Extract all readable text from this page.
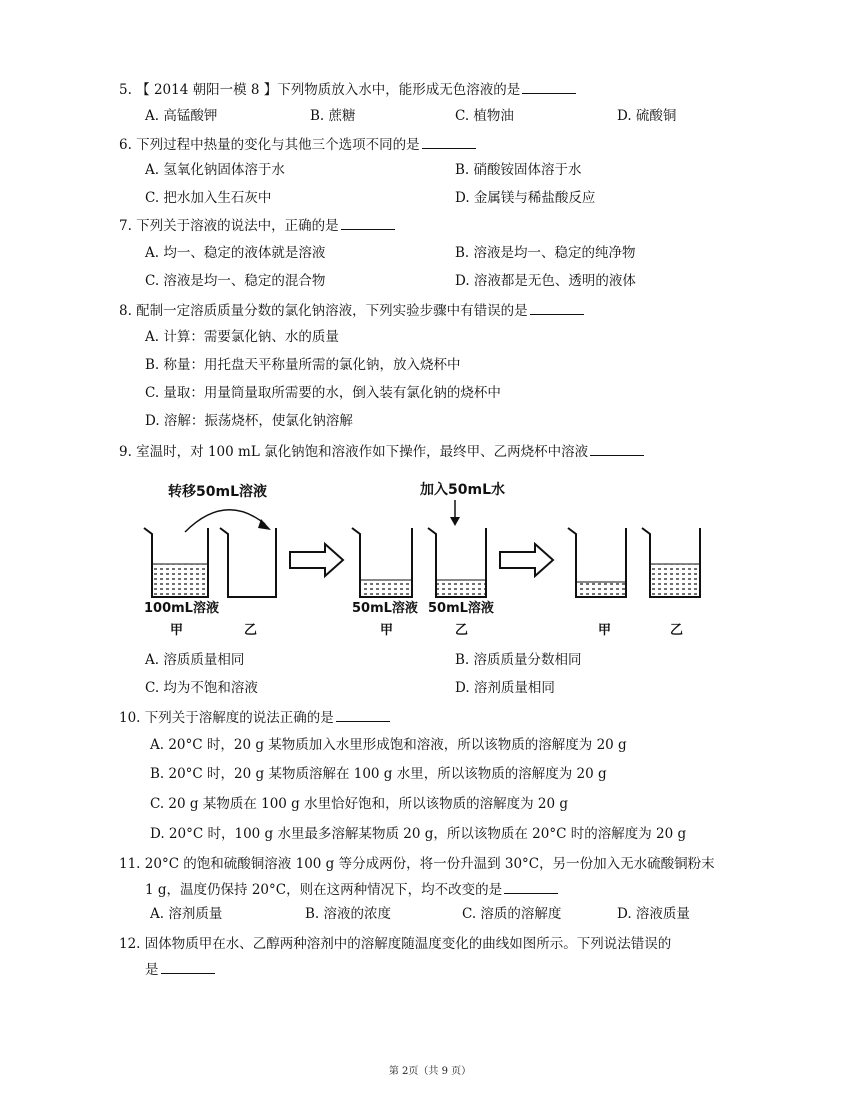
5. 【 2014 朝阳一模 8 】下列物质放入水中，能形成无色溶液的是
A. 高锰酸钾	B. 蔗糖	C. 植物油	D. 硫酸铜
6. 下列过程中热量的变化与其他三个选项不同的是
A. 氢氧化钠固体溶于水	B. 硝酸铵固体溶于水
C. 把水加入生石灰中	D. 金属镁与稀盐酸反应
7. 下列关于溶液的说法中，正确的是
A. 均一、稳定的液体就是溶液	B. 溶液是均一、稳定的纯净物
C. 溶液是均一、稳定的混合物	D. 溶液都是无色、透明的液体
8. 配制一定溶质质量分数的氯化钠溶液，下列实验步骤中有错误的是
A. 计算：需要氯化钠、水的质量
B. 称量：用托盘天平称量所需的氯化钠，放入烧杯中
C. 量取：用量筒量取所需要的水，倒入装有氯化钠的烧杯中
D. 溶解：振荡烧杯，使氯化钠溶解
9. 室温时，对 100 mL 氯化钠饱和溶液作如下操作，最终甲、乙两烧杯中溶液
转移50mL溶液
100mL溶液
甲	乙
加入50mL水
50mL溶液 50mL溶液
甲	乙	甲	乙
A. 溶质质量相同	B. 溶质质量分数相同
C. 均为不饱和溶液	D. 溶剂质量相同
10. 下列关于溶解度的说法正确的是
A. 20°C 时，20 g 某物质加入水里形成饱和溶液，所以该物质的溶解度为 20 g
B. 20°C 时，20 g 某物质溶解在 100 g 水里，所以该物质的溶解度为 20 g
C. 20 g 某物质在 100 g 水里恰好饱和，所以该物质的溶解度为 20 g
D. 20°C 时，100 g 水里最多溶解某物质 20 g，所以该物质在 20°C 时的溶解度为 20 g
11. 20°C 的饱和硫酸铜溶液 100 g 等分成两份，将一份升温到 30°C，另一份加入无水硫酸铜粉末
1 g，温度仍保持 20°C，则在这两种情况下，均不改变的是
A. 溶剂质量	B. 溶液的浓度	C. 溶质的溶解度	D. 溶液质量
12. 固体物质甲在水、乙醇两种溶剂中的溶解度随温度变化的曲线如图所示。下列说法错误的
是
第 2页（共 9 页）
